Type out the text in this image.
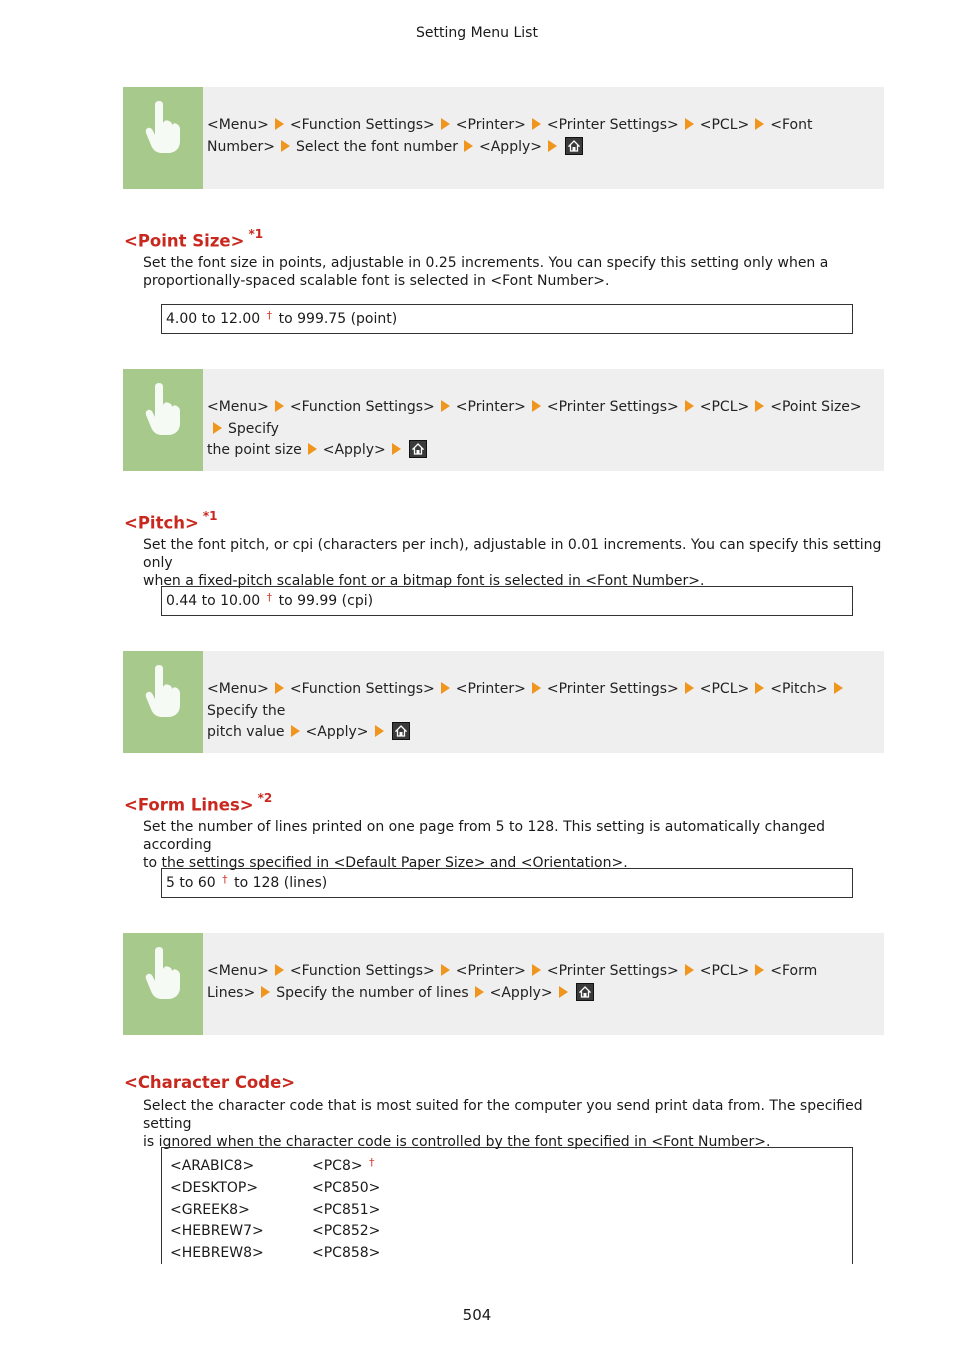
Setting Menu List
<Menu> <Function Settings> <Printer> <Printer Settings> <PCL> <Font
Number> Select the font number <Apply>
<Point Size> $^{*1}$
Set the font size in points, adjustable in 0.25 increments. You can specify this setting only when a
proportionally-spaced scalable font is selected in <Font Number>.
4.00 to 12.00 † to 999.75 (point)
<Menu> <Function Settings> <Printer> <Printer Settings> <PCL> <Point Size>Specify
the point size <Apply>
<Pitch> $^{*1}$
Set the font pitch, or cpi (characters per inch), adjustable in 0.01 increments. You can specify this setting only
when a fixed-pitch scalable font or a bitmap font is selected in <Font Number>.
0.44 to 10.00 † to 99.99 (cpi)
<Menu> <Function Settings> <Printer> <Printer Settings> <PCL> <Pitch>Specify the
pitch value <Apply>
<Form Lines> $^{*2}$
Set the number of lines printed on one page from 5 to 128. This setting is automatically changed according
to the settings specified in <Default Paper Size> and <Orientation>.
5 to 60 † to 128 (lines)
<Menu> <Function Settings> <Printer> <Printer Settings> <PCL> <Form
Lines> Specify the number of lines <Apply>
<Character Code>
Select the character code that is most suited for the computer you send print data from. The specified setting
is ignored when the character code is controlled by the font specified in <Font Number>.
<ARABIC8>
<DESKTOP>
<GREEK8>
<HEBREW7>
<HEBREW8>
<PC8> †
<PC850>
<PC851>
<PC852>
<PC858>
504
